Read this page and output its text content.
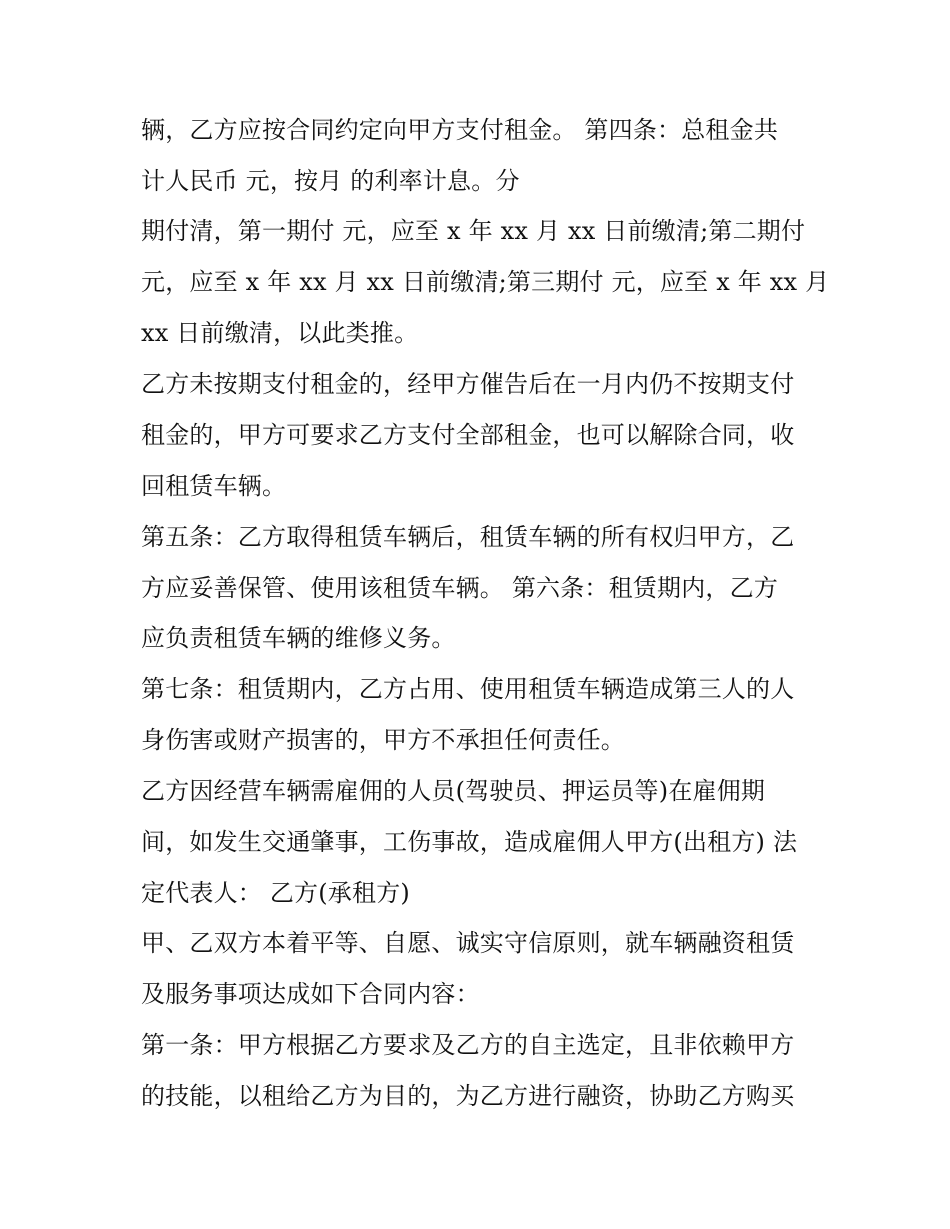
辆，乙方应按合同约定向甲方支付租金。 第四条：总租金共
计人民币 元，按月 的利率计息。分
期付清，第一期付 元，应至 x 年 xx 月 xx 日前缴清;第二期付
元，应至 x 年 xx 月 xx 日前缴清;第三期付 元，应至 x 年 xx 月
xx 日前缴清，以此类推。
乙方未按期支付租金的，经甲方催告后在一月内仍不按期支付
租金的，甲方可要求乙方支付全部租金，也可以解除合同，收
回租赁车辆。
第五条：乙方取得租赁车辆后，租赁车辆的所有权归甲方，乙
方应妥善保管、使用该租赁车辆。 第六条：租赁期内，乙方
应负责租赁车辆的维修义务。
第七条：租赁期内，乙方占用、使用租赁车辆造成第三人的人
身伤害或财产损害的，甲方不承担任何责任。
乙方因经营车辆需雇佣的人员(驾驶员、押运员等)在雇佣期
间，如发生交通肇事，工伤事故，造成雇佣人甲方(出租方) 法
定代表人： 乙方(承租方)
甲、乙双方本着平等、自愿、诚实守信原则，就车辆融资租赁
及服务事项达成如下合同内容：
第一条：甲方根据乙方要求及乙方的自主选定，且非依赖甲方
的技能，以租给乙方为目的，为乙方进行融资，协助乙方购买
